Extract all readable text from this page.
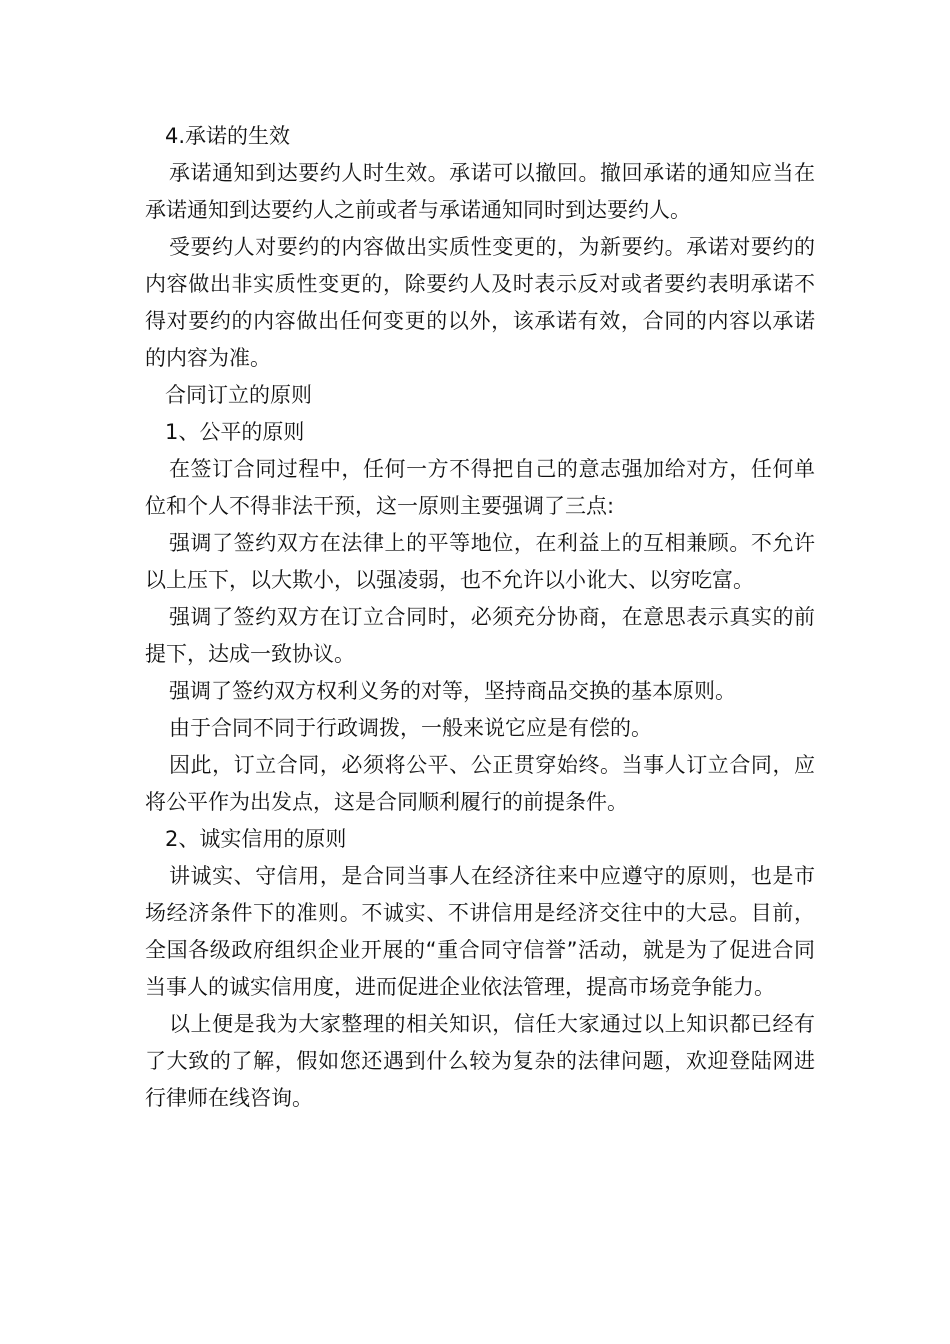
4.承诺的生效

承诺通知到达要约人时生效。承诺可以撤回。撤回承诺的通知应当在承诺通知到达要约人之前或者与承诺通知同时到达要约人。

受要约人对要约的内容做出实质性变更的，为新要约。承诺对要约的内容做出非实质性变更的，除要约人及时表示反对或者要约表明承诺不得对要约的内容做出任何变更的以外，该承诺有效，合同的内容以承诺的内容为准。

合同订立的原则

1、公平的原则

在签订合同过程中，任何一方不得把自己的意志强加给对方，任何单位和个人不得非法干预，这一原则主要强调了三点:

强调了签约双方在法律上的平等地位，在利益上的互相兼顾。不允许以上压下，以大欺小，以强凌弱，也不允许以小讹大、以穷吃富。

强调了签约双方在订立合同时，必须充分协商，在意思表示真实的前提下，达成一致协议。

强调了签约双方权利义务的对等，坚持商品交换的基本原则。

由于合同不同于行政调拨，一般来说它应是有偿的。

因此，订立合同，必须将公平、公正贯穿始终。当事人订立合同，应将公平作为出发点，这是合同顺利履行的前提条件。

2、诚实信用的原则

讲诚实、守信用，是合同当事人在经济往来中应遵守的原则，也是市场经济条件下的准则。不诚实、不讲信用是经济交往中的大忌。目前，全国各级政府组织企业开展的“重合同守信誉”活动，就是为了促进合同当事人的诚实信用度，进而促进企业依法管理，提高市场竞争能力。

以上便是我为大家整理的相关知识，信任大家通过以上知识都已经有了大致的了解，假如您还遇到什么较为复杂的法律问题，欢迎登陆网进行律师在线咨询。
